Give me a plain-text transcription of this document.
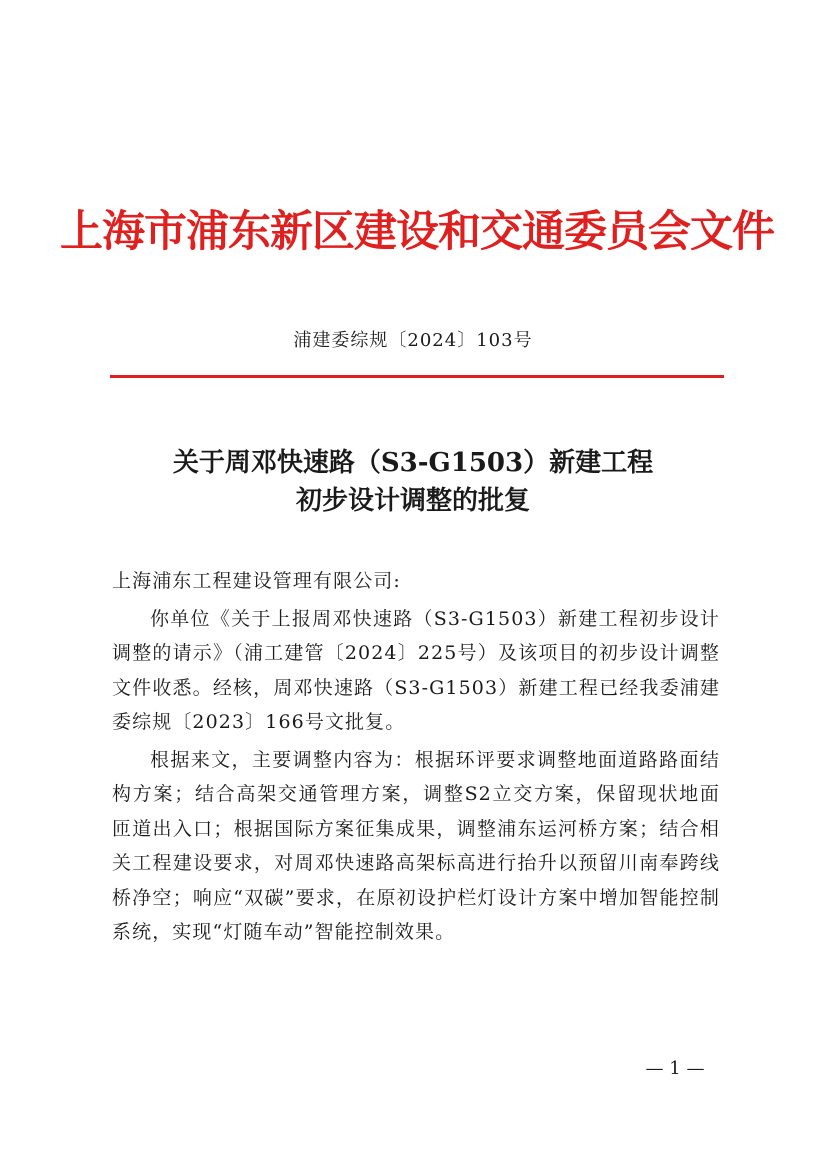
上海市浦东新区建设和交通委员会文件
浦建委综规〔2024〕103号
关于周邓快速路（S3-G1503）新建工程
初步设计调整的批复

上海浦东工程建设管理有限公司:

你单位《关于上报周邓快速路（S3-G1503）新建工程初步设计调整的请示》（浦工建管〔2024〕225号）及该项目的初步设计调整文件收悉。经核，周邓快速路（S3-G1503）新建工程已经我委浦建委综规〔2023〕166号文批复。

根据来文，主要调整内容为：根据环评要求调整地面道路路面结构方案；结合高架交通管理方案，调整S2立交方案，保留现状地面匝道出入口；根据国际方案征集成果，调整浦东运河桥方案；结合相关工程建设要求，对周邓快速路高架标高进行抬升以预留川南奉跨线桥净空；响应“双碳”要求，在原初设护栏灯设计方案中增加智能控制系统，实现“灯随车动”智能控制效果。

— 1 —
